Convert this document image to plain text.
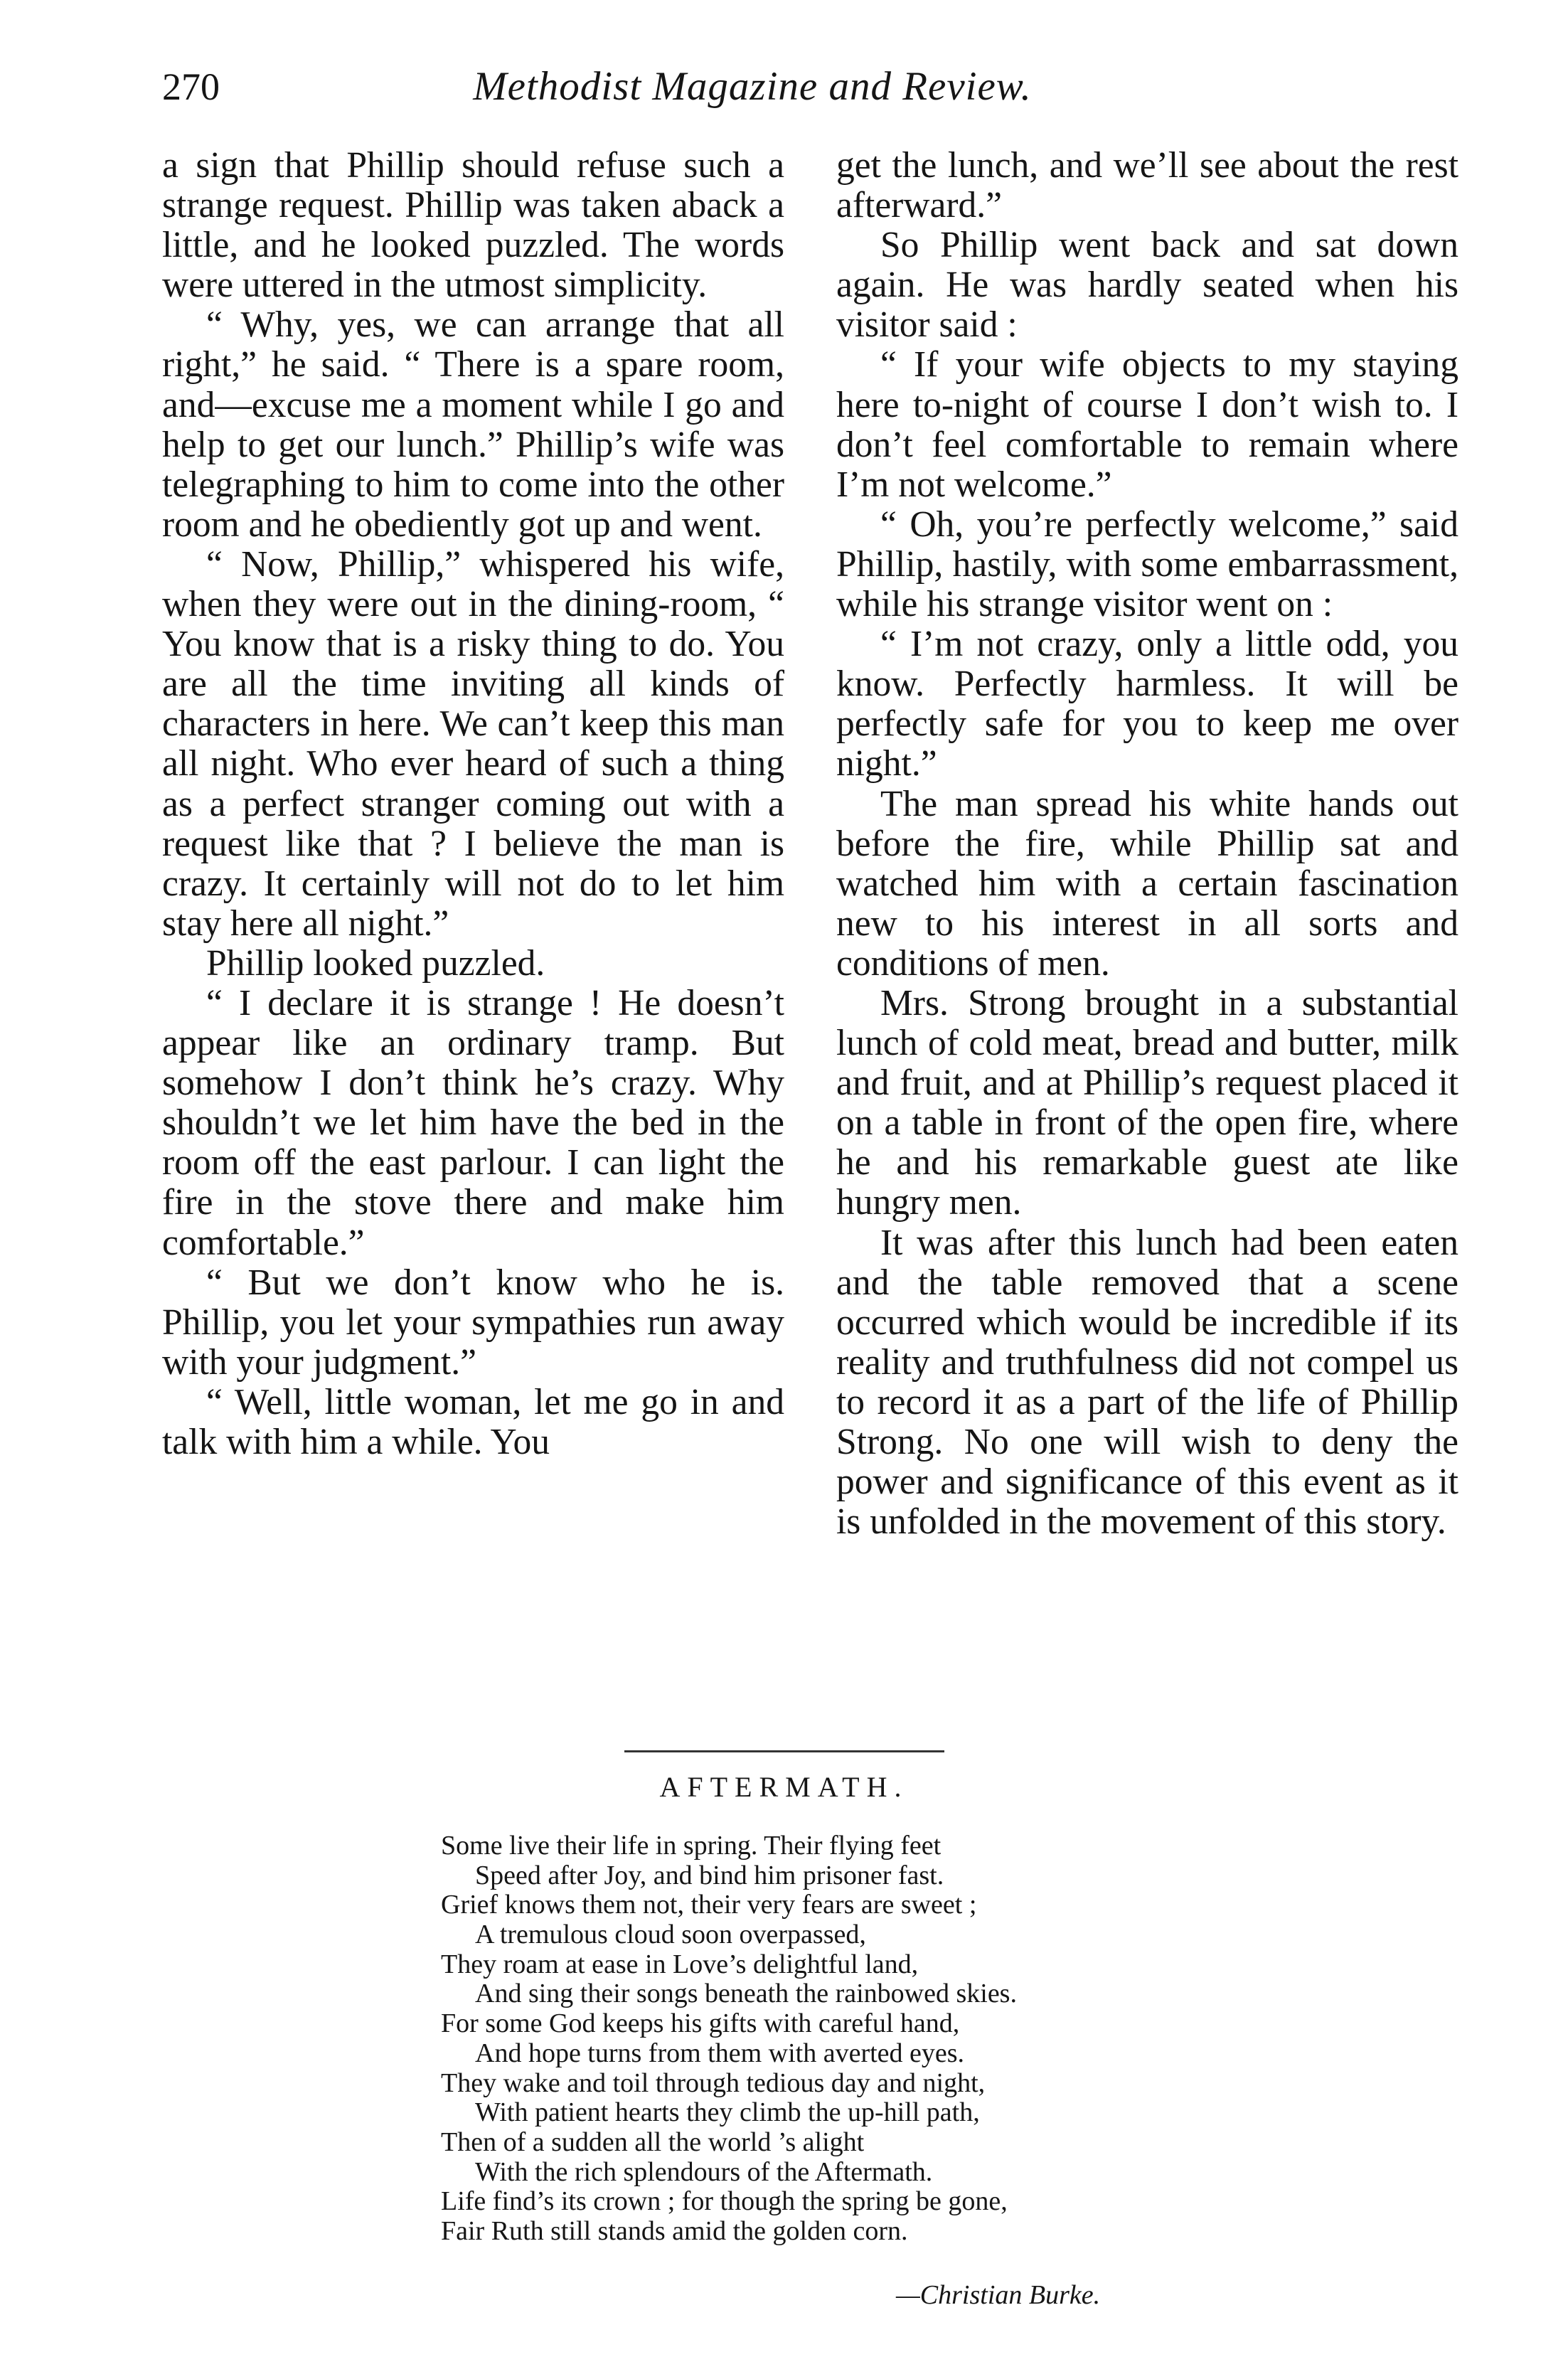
270	Methodist Magazine and Review.

a sign that Phillip should refuse such a strange request. Phillip was taken aback a little, and he looked puzzled. The words were uttered in the utmost simplicity.

“ Why, yes, we can arrange that all right,” he said. “ There is a spare room, and—excuse me a moment while I go and help to get our lunch.” Phillip’s wife was telegraphing to him to come into the other room and he obediently got up and went.

“ Now, Phillip,” whispered his wife, when they were out in the dining-room, “ You know that is a risky thing to do. You are all the time inviting all kinds of characters in here. We can’t keep this man all night. Who ever heard of such a thing as a perfect stranger coming out with a request like that ? I believe the man is crazy. It certainly will not do to let him stay here all night.”

Phillip looked puzzled.

“ I declare it is strange ! He doesn’t appear like an ordinary tramp. But somehow I don’t think he’s crazy. Why shouldn’t we let him have the bed in the room off the east parlour. I can light the fire in the stove there and make him comfortable.”

“ But we don’t know who he is. Phillip, you let your sympathies run away with your judgment.”

“ Well, little woman, let me go in and talk with him a while. You

get the lunch, and we’ll see about the rest afterward.”

So Phillip went back and sat down again. He was hardly seated when his visitor said :

“ If your wife objects to my staying here to-night of course I don’t wish to. I don’t feel comfortable to remain where I’m not welcome.”

“ Oh, you’re perfectly welcome,” said Phillip, hastily, with some embarrassment, while his strange visitor went on :

“ I’m not crazy, only a little odd, you know. Perfectly harmless. It will be perfectly safe for you to keep me over night.”

The man spread his white hands out before the fire, while Phillip sat and watched him with a certain fascination new to his interest in all sorts and conditions of men.

Mrs. Strong brought in a substantial lunch of cold meat, bread and butter, milk and fruit, and at Phillip’s request placed it on a table in front of the open fire, where he and his remarkable guest ate like hungry men.

It was after this lunch had been eaten and the table removed that a scene occurred which would be incredible if its reality and truthfulness did not compel us to record it as a part of the life of Phillip Strong. No one will wish to deny the power and significance of this event as it is unfolded in the movement of this story.

AFTERMATH.
Some live their life in spring. Their flying feet
Speed after Joy, and bind him prisoner fast.
Grief knows them not, their very fears are sweet ;
A tremulous cloud soon overpassed,
They roam at ease in Love’s delightful land,
And sing their songs beneath the rainbowed skies.
For some God keeps his gifts with careful hand,
And hope turns from them with averted eyes.
They wake and toil through tedious day and night,
With patient hearts they climb the up-hill path,
Then of a sudden all the world ’s alight
With the rich splendours of the Aftermath.
Life find’s its crown ; for though the spring be gone,
Fair Ruth still stands amid the golden corn.
—Christian Burke.
